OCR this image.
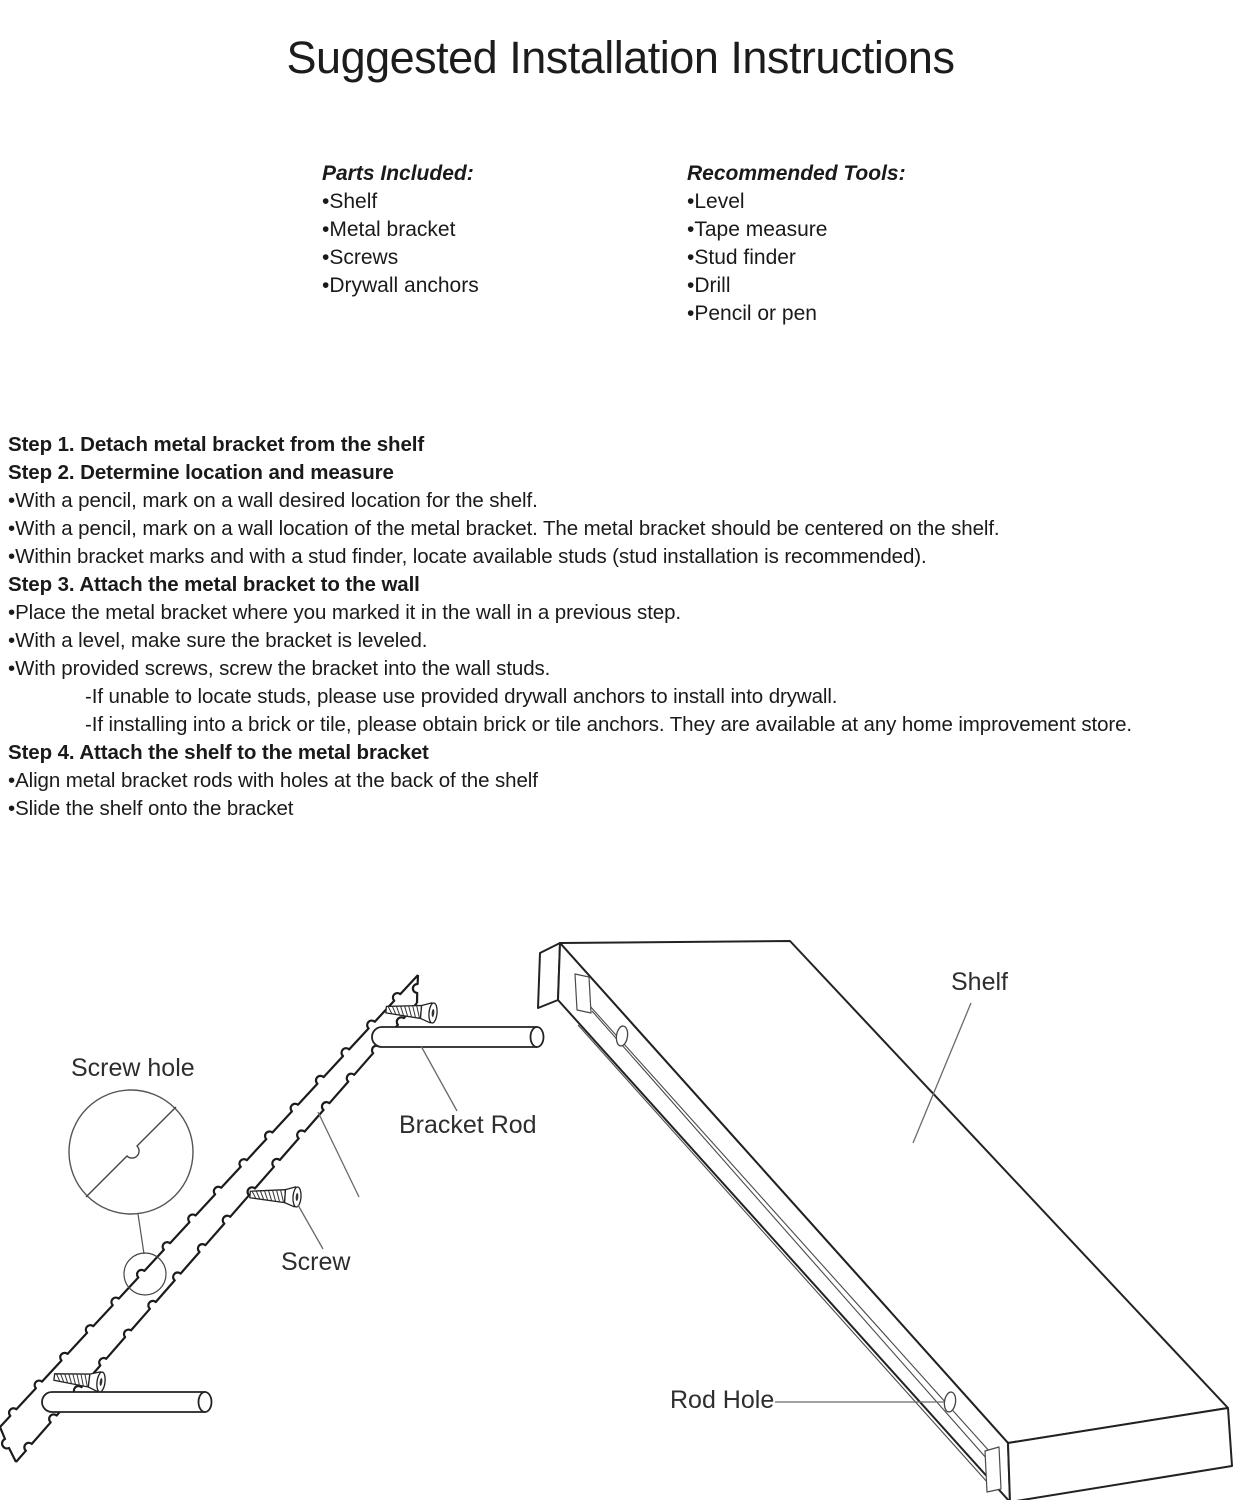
Suggested Installation Instructions
Parts Included:
•Shelf
•Metal bracket
•Screws
•Drywall anchors
Recommended Tools:
•Level
•Tape measure
•Stud finder
•Drill
•Pencil or pen
Step 1. Detach metal bracket from the shelf
Step 2. Determine location and measure
•With a pencil, mark on a wall desired location for the shelf.
•With a pencil, mark on a wall location of the metal bracket. The metal bracket should be centered on the shelf.
•Within bracket marks and with a stud finder, locate available studs (stud installation is recommended).
Step 3. Attach the metal bracket to the wall
•Place the metal bracket where you marked it in the wall in a previous step.
•With a level, make sure the bracket is leveled.
•With provided screws, screw the bracket into the wall studs.
-If unable to locate studs, please use provided drywall anchors to install into drywall.
-If installing into a brick or tile, please obtain brick or tile anchors. They are available at any home improvement store.
Step 4. Attach the shelf to the metal bracket
•Align metal bracket rods with holes at the back of the shelf
•Slide the shelf onto the bracket
Screw hole
Bracket Rod
Screw
Shelf
Rod Hole
